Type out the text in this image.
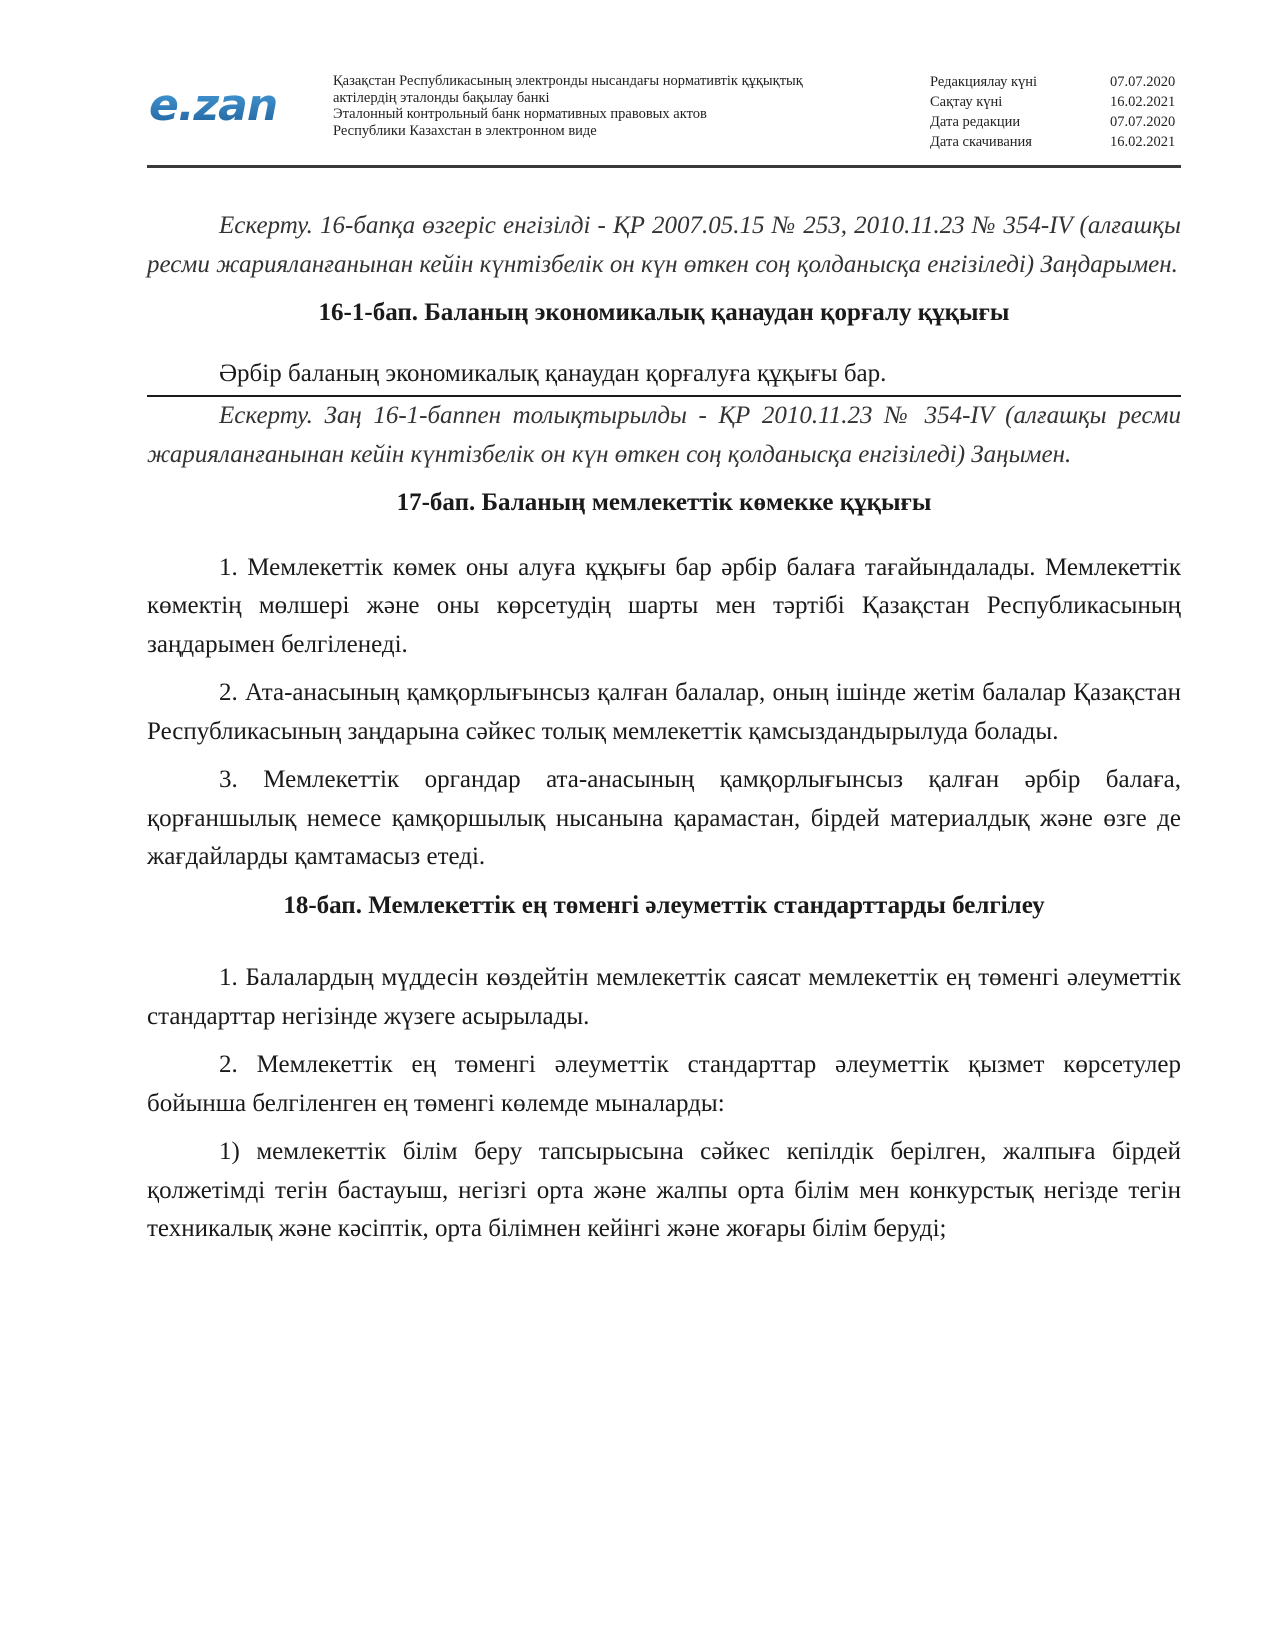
e.zan	Қазақстан Республикасының электронды нысандағы нормативтік құқықтық
актілердің эталонды бақылау банкі
Эталонный контрольный банк нормативных правовых актов
Республики Казахстан в электронном виде
Редакциялау күні	07.07.2020
Сақтау күні	16.02.2021
Дата редакции	07.07.2020
Дата скачивания	16.02.2021

Ескерту. 16-бапқа өзгеріс енгізілді - ҚР 2007.05.15 № 253, 2010.11.23 № 354-IV (алғашқы ресми жарияланғанынан кейін күнтізбелік он күн өткен соң қолданысқа енгізіледі) Заңдарымен.

16-1-бап. Баланың экономикалық қанаудан қорғалу құқығы

Әрбір баланың экономикалық қанаудан қорғалуға құқығы бар.

Ескерту. Заң 16-1-баппен толықтырылды - ҚР 2010.11.23 № 354-IV (алғашқы ресми жарияланғанынан кейін күнтізбелік он күн өткен соң қолданысқа енгізіледі) Заңымен.

17-бап. Баланың мемлекеттік көмекке құқығы

1. Мемлекеттік көмек оны алуға құқығы бар әрбір балаға тағайындалады. Мемлекеттік көмектің мөлшері және оны көрсетудің шарты мен тәртібі Қазақстан Республикасының заңдарымен белгіленеді.

2. Ата-анасының қамқорлығынсыз қалған балалар, оның ішінде жетім балалар Қазақстан Республикасының заңдарына сәйкес толық мемлекеттік қамсыздандырылуда болады.

3. Мемлекеттік органдар ата-анасының қамқорлығынсыз қалған әрбір балаға, қорғаншылық немесе қамқоршылық нысанына қарамастан, бірдей материалдық және өзге де жағдайларды қамтамасыз етеді.

18-бап. Мемлекеттік ең төменгі әлеуметтік стандарттарды белгілеу

1. Балалардың мүддесін көздейтін мемлекеттік саясат мемлекеттік ең төменгі әлеуметтік стандарттар негізінде жүзеге асырылады.

2. Мемлекеттік ең төменгі әлеуметтік стандарттар әлеуметтік қызмет көрсетулер бойынша белгіленген ең төменгі көлемде мыналарды:

1) мемлекеттік білім беру тапсырысына сәйкес кепілдік берілген, жалпыға бірдей қолжетімді тегін бастауыш, негізгі орта және жалпы орта білім мен конкурстық негізде тегін техникалық және кәсіптік, орта білімнен кейінгі және жоғары білім беруді;
